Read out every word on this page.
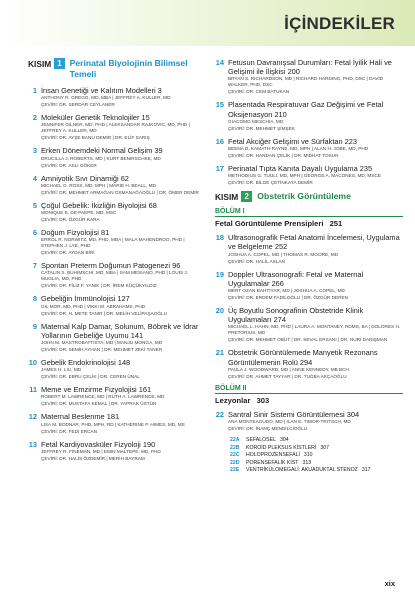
İÇİNDEKİLER
KISIM 1 Perinatal Biyolojinin Bilimsel Temeli
1 İnsan Genetiği ve Kalıtım Modelleri 3
ANTHONY R. GREGG, MD, MBA | JEFFREY A. KULLER, MD
ÇEVİRİ: DR. SERDAR CEYLANER
2 Moleküler Genetik Teknolojiler 15
JENNIFER GILNER, MD, PHD | ALEKSANDAR RAJKOVIC, MD, PHD | JEFFREY A. KULLER, MD
ÇEVİRİ: DR. AYŞE BANU DEMİR | DR. ELİF SARIŞ
3 Erken Dönemdeki Normal Gelişim 39
DRUCILLA J. ROBERTS, MD | KURT BENIRSCHKE, MD
ÇEVİRİ: DR. ASLI GÖKER
4 Amniyotik Sıvı Dinamiği 62
MICHAEL G. ROSS, MD, MPH | MARIE H. BEALL, MD
ÇEVİRİ: DR. MEHMET ARMAĞAN OSMANAĞAOĞLU | DR. ÖMER DEMİR
5 Çoğul Gebelik: İkizliğin Biyolojisi 68
MONIQUE E. DE PAEPE, MD, MSC
ÇEVİRİ: DR. ÖZGÜR KARA
6 Doğum Fizyolojisi 81
ERROL R. NORWITZ, MD, PHD, MBA | MALA MAHENDROO, PHD | STEPHEN J. LYE, PHD
ÇEVİRİ: DR. AYDAN BİRİ
7 Spontan Preterm Doğumun Patogenezi 96
CATALIN S. BUHIMSCHI, MD, MBA | SAM MESIANO, PHD | LOUIS J. MUGLIA, MD, PHD
ÇEVİRİ: DR. FİLİZ F. YANIK | DR. İREM KÜÇÜKYILDIZ
8 Gebeliğin İmmünolojisi 127
GIL MOR, MD, PHD | VIKKI M. ABRAHAMS, PHD
ÇEVİRİ: DR. H. METE TANIR | DR. MELİH VELİPAŞAOĞLU
9 Maternal Kalp Damar, Solunum, Böbrek ve İdrar Yollarının Gebeliğe Uyumu 141
JOHN M. MASTROBATTISTA, MD | MANJU MONGA, MD
ÇEVİRİ: DR. SEMİH AYHAN | DR. MEHMET ZEKİ TANER
10 Gebelik Endokrinolojisi 148
JAMES H. LIU, MD
ÇEVİRİ: DR. EBRU ÇELİK | DR. CEREN ÜNAL
11 Meme ve Emzirme Fizyolojisi 161
ROBERT M. LAWRENCE, MD | RUTH A. LAWRENCE, MD
ÇEVİRİ: DR. MUSTAFA KEMAL | DR. YAPRAK ÜSTÜN
12 Maternal Beslenme 181
LISA M. BODNAR, PHD, MPH, RD | KATHERINE P. HIMES, MD, MS
ÇEVİRİ: DR. FEDİ ERCAN
13 Fetal Kardiyovasküler Fizyoloji 190
JEFFREY R. FINEMAN, MD | EMIN MALTEPE, MD, PHD
ÇEVİRİ: DR. HALİS ÖZDEMİR | MERİH BAYRAM
14 Fetusun Davranışsal Durumları: Fetal İyilik Hali ve Gelişimi ile İlişkisi 200
BRYAN S. RICHARDSON, MD | RICHARD HARDING, PHD, DSC | DAVID WALKER, PHD, DSC
ÇEVİRİ: DR. CEM BATUKAN
15 Plasentada Respiratuvar Gaz Değişimi ve Fetal Oksijenasyon 210
GIACOMO MESCHIA, MD
ÇEVİRİ: DR. MEHMET ŞİMŞEK
16 Fetal Akciğer Gelişimi ve Sürfaktan 223
BEENA D. KAMATH-RAYNE, MD, MPH | ALAN H. JOBE, MD, PHD
ÇEVİRİ: DR. HANDAN ÇELİK | DR. MİDHAT TOSUN
17 Perinatal Tıpta Kanıta Dayalı Uygulama 235
METHODIUS G. TUULI, MD, MPH | GEORGE A. MACONES, MD, MSCE
ÇEVİRİ: DR. BİLGE ÇETİNKAYA DEMİR
KISIM 2 Obstetrik Görüntüleme
BÖLÜM I
Fetal Görüntüleme Prensipleri 251
18 Ultrasonografik Fetal Anatomi İncelemesi, Uygulama ve Belgeleme 252
JOSHUA A. COPEL, MD | THOMAS R. MOORE, MD
ÇEVİRİ: DR. HALİL ASLAN
19 Doppler Ultrasonografi: Fetal ve Maternal Uygulamalar 266
MERT OZAN BAHTİYAR, MD | JOSHUA A. COPEL, MD
ÇEVİRİ: DR. ERDEM FADILOĞLU | DR. ÖZGÜR DEREN
20 Üç Boyutlu Sonografinin Obstetride Klinik Uygulamaları 274
MICHAEL L. HAHN, MD, PHD | LAURA A. MONTANEY, RDMS, BA | DOLORES H. PRETORIUS, MD
ÇEVİRİ: DR. MEHMET OBUT | DR. SEVAL ERSANI | DR. NURİ DANIŞMAN
21 Obstetrik Görüntülemede Manyetik Rezonans Görüntülemenin Rolü 294
PAULA J. WOODWARD, MD | ANNE KENNEDY, MB BCH
ÇEVİRİ: DR. AHMET TAYYAR | DR. TUĞBA AKÇAOĞLU
BÖLÜM II
Lezyonlar 303
22 Santral Sinir Sistemi Görüntülemesi 304
ANA MONTEAGUDO, MD | ILAN E. TIMOR-TRITSCH, MD
ÇEVİRİ: DR. İNANÇ MENDİLCİOĞLU
22A	SEFALOSEL 304
22B	KOROİD PLEKSUS KİSTLERİ 307
22C	HOLOPROZENSEFALİ 310
22D	PORENSEFALİK KİST 313
22E	VENTRİKÜLOMEGALİ: AKUADUKTAL STENOZ 317
xix
